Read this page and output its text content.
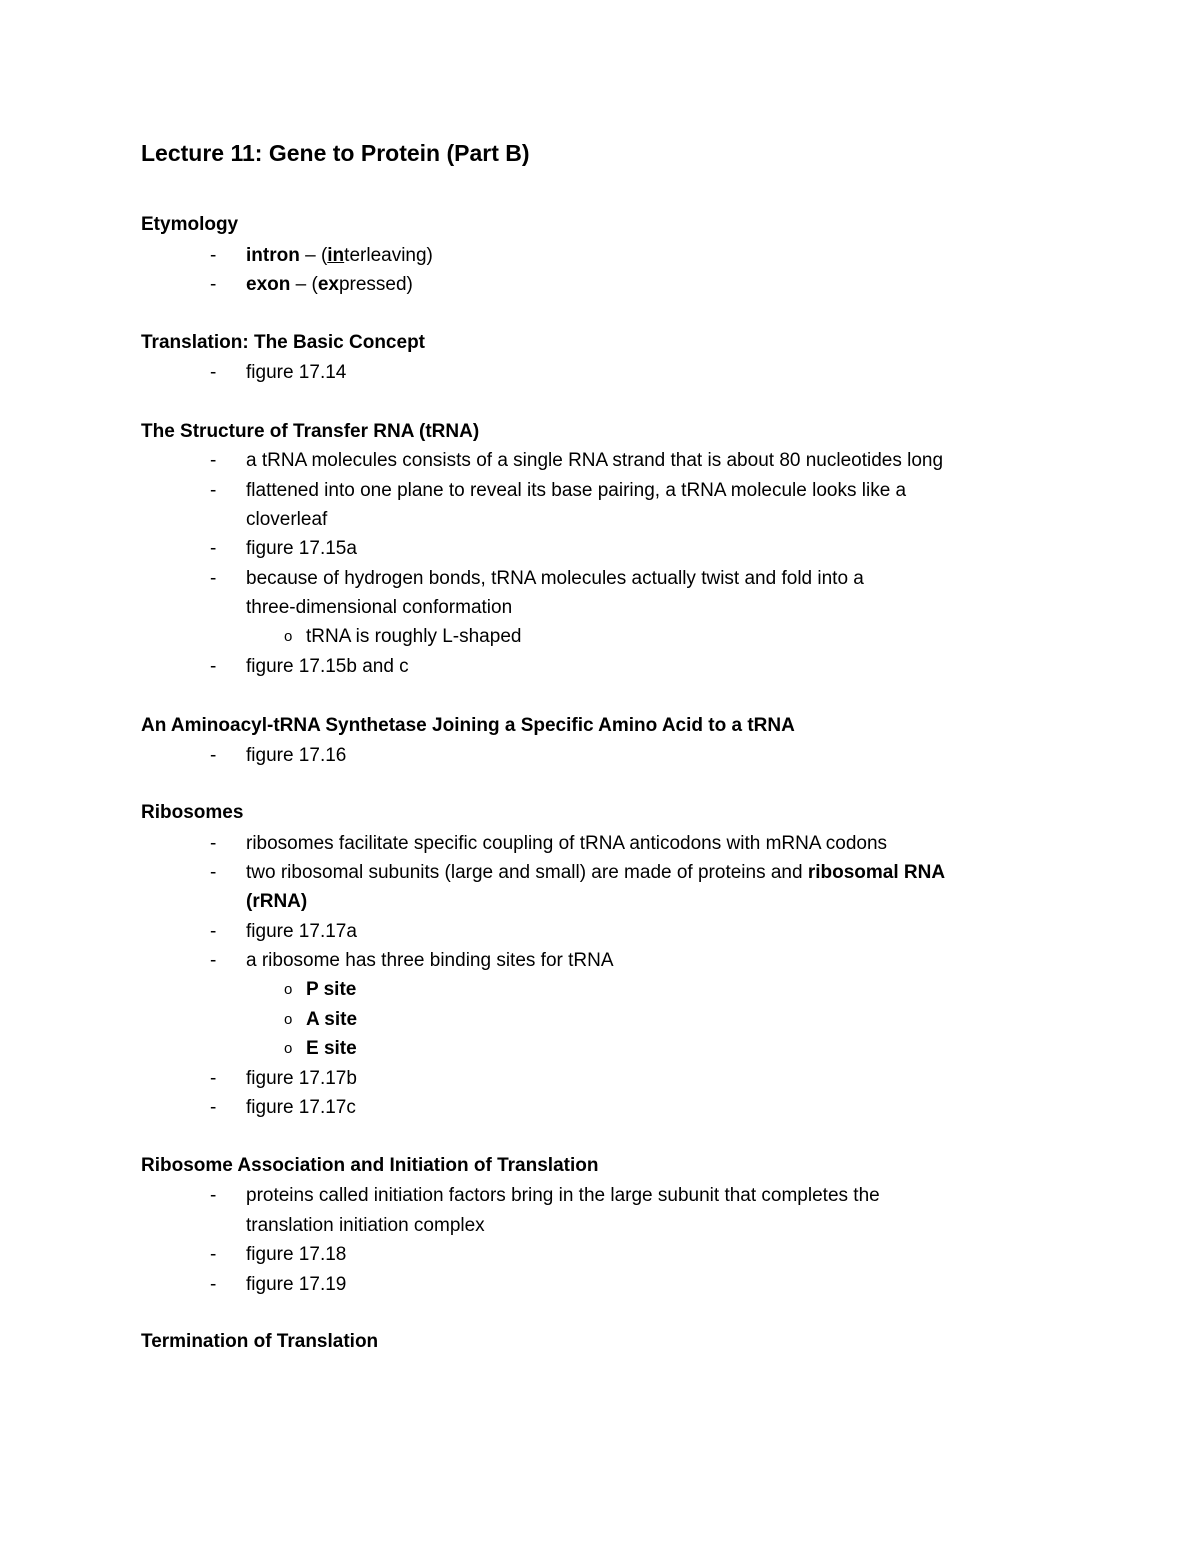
Lecture 11: Gene to Protein (Part B)
Etymology
-	intron – (interleaving)
-	exon – (expressed)
Translation: The Basic Concept
-	figure 17.14
The Structure of Transfer RNA (tRNA)
-	a tRNA molecules consists of a single RNA strand that is about 80 nucleotides long
-	flattened into one plane to reveal its base pairing, a tRNA molecule looks like a
cloverleaf
-	figure 17.15a
-	because of hydrogen bonds, tRNA molecules actually twist and fold into a
three-dimensional conformation
o tRNA is roughly L-shaped
-	figure 17.15b and c
An Aminoacyl-tRNA Synthetase Joining a Specific Amino Acid to a tRNA
-	figure 17.16
Ribosomes
-	ribosomes facilitate specific coupling of tRNA anticodons with mRNA codons
-	two ribosomal subunits (large and small) are made of proteins and ribosomal RNA
(rRNA)
-	figure 17.17a
-	a ribosome has three binding sites for tRNA
o P site
o A site
o E site
-	figure 17.17b
-	figure 17.17c
Ribosome Association and Initiation of Translation
-	proteins called initiation factors bring in the large subunit that completes the
translation initiation complex
-	figure 17.18
-	figure 17.19
Termination of Translation
